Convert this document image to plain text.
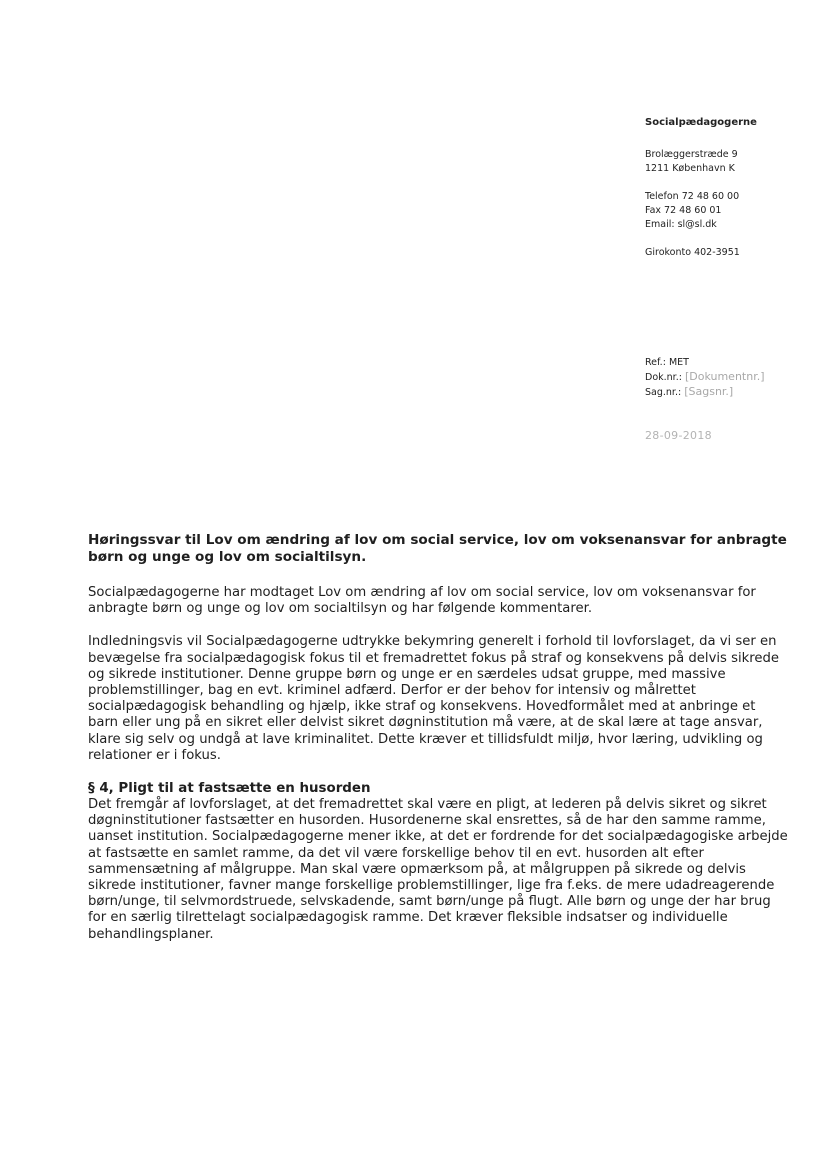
Socialpædagogerne

Brolæggerstræde 9

1211 København K

Telefon 72 48 60 00

Fax 72 48 60 01

Email: sl@sl.dk

Girokonto 402-3951

Ref.: MET
Dok.nr.: [Dokumentnr.]
Sag.nr.: [Sagsnr.]
28-09-2018
Høringssvar til Lov om ændring af lov om social service, lov om voksenansvar for anbragte børn og unge og lov om socialtilsyn.

Socialpædagogerne har modtaget Lov om ændring af lov om social service, lov om voksenansvar for anbragte børn og unge og lov om socialtilsyn og har følgende kommentarer.

Indledningsvis vil Socialpædagogerne udtrykke bekymring generelt i forhold til lovforslaget, da vi ser en bevægelse fra socialpædagogisk fokus til et fremadrettet fokus på straf og konsekvens på delvis sikrede og sikrede institutioner. Denne gruppe børn og unge er en særdeles udsat gruppe, med massive problemstillinger, bag en evt. kriminel adfærd. Derfor er der behov for intensiv og målrettet socialpædagogisk behandling og hjælp, ikke straf og konsekvens. Hovedformålet med at anbringe et barn eller ung på en sikret eller delvist sikret døgninstitution må være, at de skal lære at tage ansvar, klare sig selv og undgå at lave kriminalitet. Dette kræver et tillidsfuldt miljø, hvor læring, udvikling og relationer er i fokus.

§ 4, Pligt til at fastsætte en husorden

Det fremgår af lovforslaget, at det fremadrettet skal være en pligt, at lederen på delvis sikret og sikret døgninstitutioner fastsætter en husorden. Husordenerne skal ensrettes, så de har den samme ramme, uanset institution. Socialpædagogerne mener ikke, at det er fordrende for det socialpædagogiske arbejde at fastsætte en samlet ramme, da det vil være forskellige behov til en evt. husorden alt efter sammensætning af målgruppe. Man skal være opmærksom på, at målgruppen på sikrede og delvis sikrede institutioner, favner mange forskellige problemstillinger, lige fra f.eks. de mere udadreagerende børn/unge, til selvmordstruede, selvskadende, samt børn/unge på flugt. Alle børn og unge der har brug for en særlig tilrettelagt socialpædagogisk ramme. Det kræver fleksible indsatser og individuelle behandlingsplaner.
